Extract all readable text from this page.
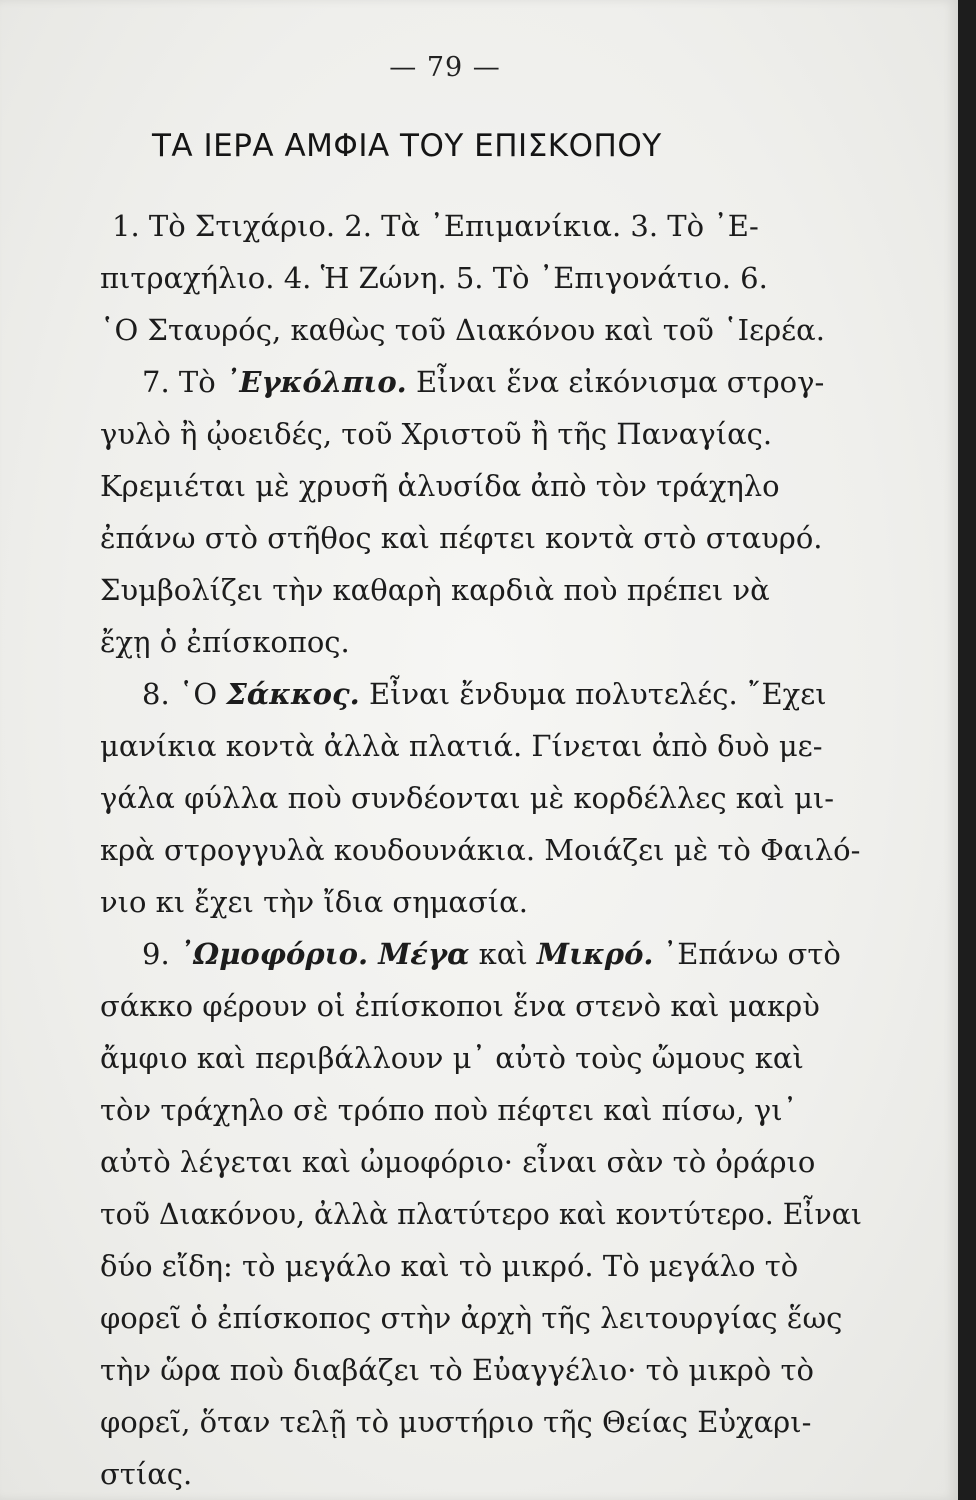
— 79 —
ΤΑ ΙΕΡΑ ΑΜΦΙΑ ΤΟΥ ΕΠΙΣΚΟΠΟΥ
1. Τὸ Στιχάριο. 2. Τὰ ᾿Επιμανίκια. 3. Τὸ ᾿Ε-
πιτραχήλιο. 4. Ἡ Ζώνη. 5. Τὸ ᾿Επιγονάτιο. 6.
῾Ο Σταυρός, καθὼς τοῦ Διακόνου καὶ τοῦ ῾Ιερέα.
7. Τὸ ᾿Εγκόλπιο. Εἶναι ἕνα εἰκόνισμα στρογ-
γυλὸ ἢ ᾠοειδές, τοῦ Χριστοῦ ἢ τῆς Παναγίας.
Κρεμιέται μὲ χρυσῆ ἁλυσίδα ἀπὸ τὸν τράχηλο
ἐπάνω στὸ στῆθος καὶ πέφτει κοντὰ στὸ σταυρό.
Συμβολίζει τὴν καθαρὴ καρδιὰ ποὺ πρέπει νὰ
ἔχῃ ὁ ἐπίσκοπος.
8. ῾Ο Σάκκος. Εἶναι ἔνδυμα πολυτελές. ῎Εχει
μανίκια κοντὰ ἀλλὰ πλατιά. Γίνεται ἀπὸ δυὸ με-
γάλα φύλλα ποὺ συνδέονται μὲ κορδέλλες καὶ μι-
κρὰ στρογγυλὰ κουδουνάκια. Μοιάζει μὲ τὸ Φαιλό-
νιο κι ἔχει τὴν ἴδια σημασία.
9. ᾿Ωμοφόριο. Μέγα καὶ Μικρό. ᾿Επάνω στὸ
σάκκο φέρουν οἱ ἐπίσκοποι ἕνα στενὸ καὶ μακρὺ
ἄμφιο καὶ περιβάλλουν μ᾿ αὐτὸ τοὺς ὤμους καὶ
τὸν τράχηλο σὲ τρόπο ποὺ πέφτει καὶ πίσω, γι᾿
αὐτὸ λέγεται καὶ ὠμοφόριο· εἶναι σὰν τὸ ὀράριο
τοῦ Διακόνου, ἀλλὰ πλατύτερο καὶ κοντύτερο. Εἶναι
δύο εἴδη: τὸ μεγάλο καὶ τὸ μικρό. Τὸ μεγάλο τὸ
φορεῖ ὁ ἐπίσκοπος στὴν ἀρχὴ τῆς λειτουργίας ἕως
τὴν ὥρα ποὺ διαβάζει τὸ Εὐαγγέλιο· τὸ μικρὸ τὸ
φορεῖ, ὅταν τελῇ τὸ μυστήριο τῆς Θείας Εὐχαρι-
στίας.
